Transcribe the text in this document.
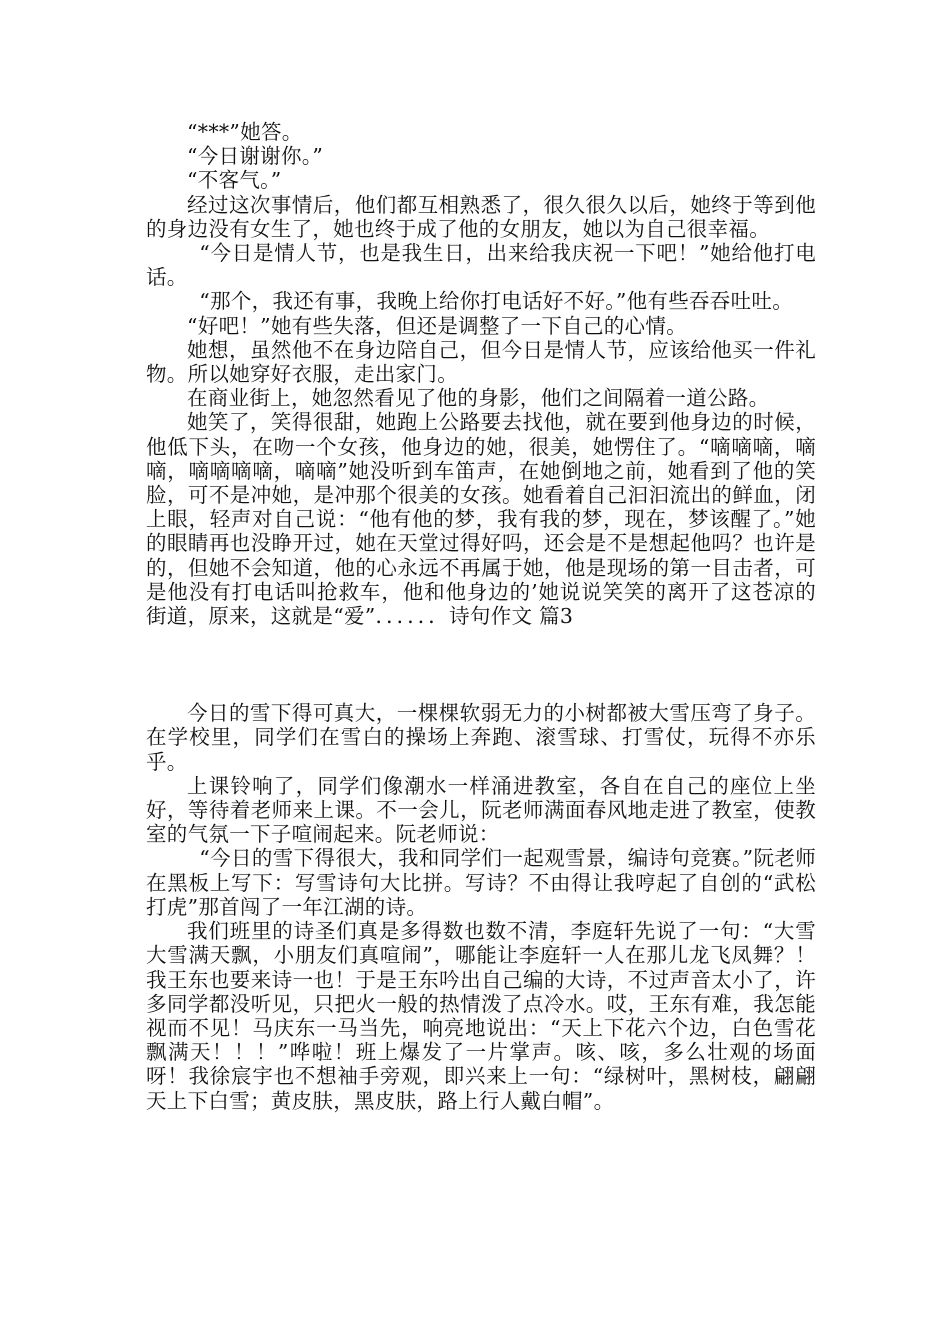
“***”她答。

“今日谢谢你。”

“不客气。”

经过这次事情后，他们都互相熟悉了，很久很久以后，她终于等到他的身边没有女生了，她也终于成了他的女朋友，她以为自己很幸福。

“今日是情人节，也是我生日，出来给我庆祝一下吧！”她给他打电话。

“那个，我还有事，我晚上给你打电话好不好。”他有些吞吞吐吐。

“好吧！”她有些失落，但还是调整了一下自己的心情。

她想，虽然他不在身边陪自己，但今日是情人节，应该给他买一件礼物。所以她穿好衣服，走出家门。

在商业街上，她忽然看见了他的身影，他们之间隔着一道公路。

她笑了，笑得很甜，她跑上公路要去找他，就在要到他身边的时候，他低下头，在吻一个女孩，他身边的她，很美，她愣住了。“嘀嘀嘀，嘀嘀，嘀嘀嘀嘀，嘀嘀”她没听到车笛声，在她倒地之前，她看到了他的笑脸，可不是冲她，是冲那个很美的女孩。她看着自己汩汩流出的鲜血，闭上眼，轻声对自己说：“他有他的梦，我有我的梦，现在，梦该醒了。”她的眼睛再也没睁开过，她在天堂过得好吗，还会是不是想起他吗？也许是的，但她不会知道，他的心永远不再属于她，他是现场的第一目击者，可是他没有打电话叫抢救车，他和他身边的’她说说笑笑的离开了这苍凉的街道，原来，这就是“爱”．．．．．．诗句作文 篇3

今日的雪下得可真大，一棵棵软弱无力的小树都被大雪压弯了身子。在学校里，同学们在雪白的操场上奔跑、滚雪球、打雪仗，玩得不亦乐乎。

上课铃响了，同学们像潮水一样涌进教室，各自在自己的座位上坐好，等待着老师来上课。不一会儿，阮老师满面春风地走进了教室，使教室的气氛一下子喧闹起来。阮老师说：

“今日的雪下得很大，我和同学们一起观雪景，编诗句竞赛。”阮老师在黑板上写下：写雪诗句大比拼。写诗？不由得让我哼起了自创的“武松打虎”那首闯了一年江湖的诗。

我们班里的诗圣们真是多得数也数不清，李庭轩先说了一句：“大雪大雪满天飘，小朋友们真喧闹”，哪能让李庭轩一人在那儿龙飞凤舞？！我王东也要来诗一也！于是王东吟出自己编的大诗，不过声音太小了，许多同学都没听见，只把火一般的热情泼了点冷水。哎，王东有难，我怎能视而不见！马庆东一马当先，响亮地说出：“天上下花六个边，白色雪花飘满天！！！”哗啦！班上爆发了一片掌声。咳、咳，多么壮观的场面呀！我徐宸宇也不想袖手旁观，即兴来上一句：“绿树叶，黑树枝，翩翩天上下白雪；黄皮肤，黑皮肤，路上行人戴白帽”。
